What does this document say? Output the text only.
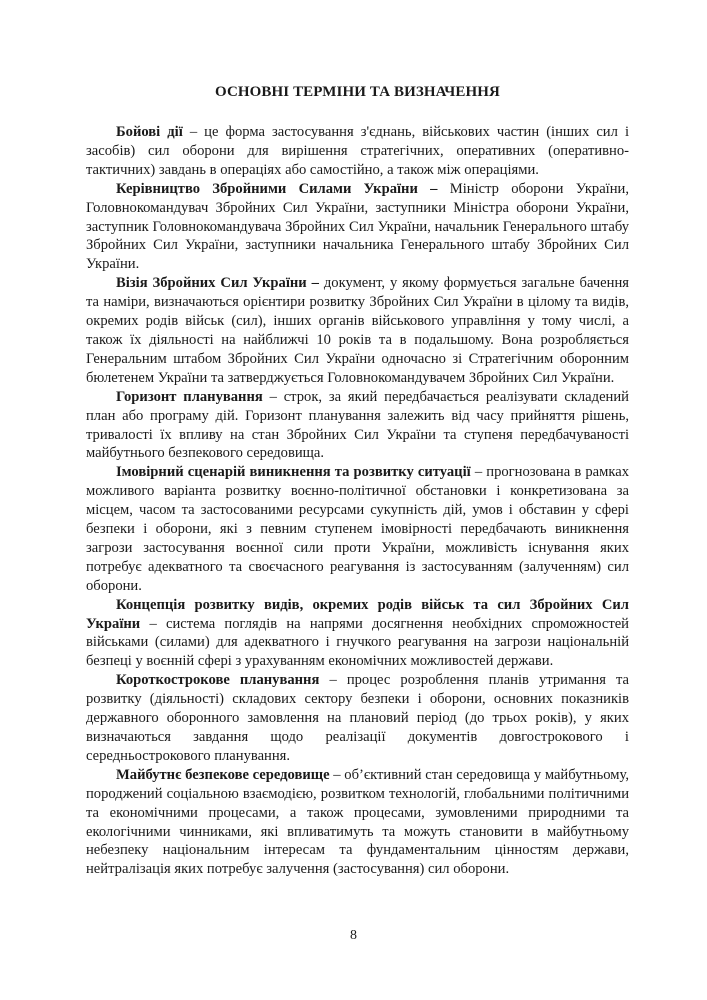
ОСНОВНІ ТЕРМІНИ ТА ВИЗНАЧЕННЯ

Бойові дії – це форма застосування з'єднань, військових частин (інших сил і засобів) сил оборони для вирішення стратегічних, оперативних (оперативно-тактичних) завдань в операціях або самостійно, а також між операціями.

Керівництво Збройними Силами України – Міністр оборони України, Головнокомандувач Збройних Сил України, заступники Міністра оборони України, заступник Головнокомандувача Збройних Сил України, начальник Генерального штабу Збройних Сил України, заступники начальника Генерального штабу Збройних Сил України.

Візія Збройних Сил України – документ, у якому формується загальне бачення та наміри, визначаються орієнтири розвитку Збройних Сил України в цілому та видів, окремих родів військ (сил), інших органів військового управління у тому числі, а також їх діяльності на найближчі 10 років та в подальшому. Вона розробляється Генеральним штабом Збройних Сил України одночасно зі Стратегічним оборонним бюлетенем України та затверджується Головнокомандувачем Збройних Сил України.

Горизонт планування – строк, за який передбачається реалізувати складений план або програму дій. Горизонт планування залежить від часу прийняття рішень, тривалості їх впливу на стан Збройних Сил України та ступеня передбачуваності майбутнього безпекового середовища.

Імовірний сценарій виникнення та розвитку ситуації – прогнозована в рамках можливого варіанта розвитку воєнно-політичної обстановки і конкретизована за місцем, часом та застосованими ресурсами сукупність дій, умов і обставин у сфері безпеки і оборони, які з певним ступенем імовірності передбачають виникнення загрози застосування воєнної сили проти України, можливість існування яких потребує адекватного та своєчасного реагування із застосуванням (залученням) сил оборони.

Концепція розвитку видів, окремих родів військ та сил Збройних Сил України – система поглядів на напрями досягнення необхідних спроможностей військами (силами) для адекватного і гнучкого реагування на загрози національній безпеці у воєнній сфері з урахуванням економічних можливостей держави.

Короткострокове планування – процес розроблення планів утримання та розвитку (діяльності) складових сектору безпеки і оборони, основних показників державного оборонного замовлення на плановий період (до трьох років), у яких визначаються завдання щодо реалізації документів довгострокового і середньострокового планування.

Майбутнє безпекове середовище – об’єктивний стан середовища у майбутньому, породжений соціальною взаємодією, розвитком технологій, глобальними політичними та економічними процесами, а також процесами, зумовленими природними та екологічними чинниками, які впливатимуть та можуть становити в майбутньому небезпеку національним інтересам та фундаментальним цінностям держави, нейтралізація яких потребує залучення (застосування) сил оборони.

8
